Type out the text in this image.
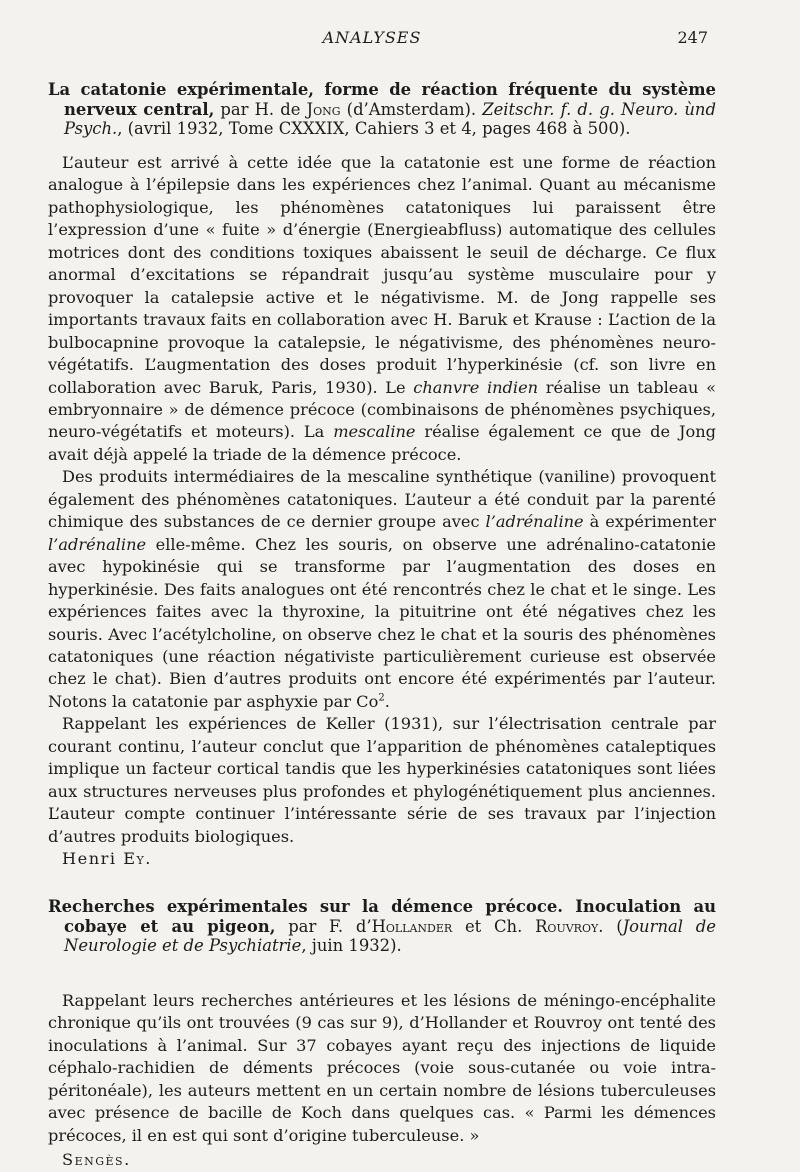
ANALYSES	247

La catatonie expérimentale, forme de réaction fréquente du système nerveux central, par H. de Jong (d’Amsterdam). Zeitschr. f. d. g. Neuro. ùnd Psych., (avril 1932, Tome CXXXIX, Cahiers 3 et 4, pages 468 à 500).

L’auteur est arrivé à cette idée que la catatonie est une forme de réaction analogue à l’épilepsie dans les expériences chez l’animal. Quant au mécanisme pathophysiologique, les phénomènes catatoniques lui paraissent être l’expression d’une « fuite » d’énergie (Energieabfluss) automatique des cellules motrices dont des conditions toxiques abaissent le seuil de décharge. Ce flux anormal d’excitations se répandrait jusqu’au système musculaire pour y provoquer la catalepsie active et le négativisme. M. de Jong rappelle ses importants travaux faits en collaboration avec H. Baruk et Krause : L’action de la bulbocapnine provoque la catalepsie, le négativisme, des phénomènes neuro-végétatifs. L’augmentation des doses produit l’hyperkinésie (cf. son livre en collaboration avec Baruk, Paris, 1930). Le chanvre indien réalise un tableau « embryonnaire » de démence précoce (combinaisons de phénomènes psychiques, neuro-végétatifs et moteurs). La mescaline réalise également ce que de Jong avait déjà appelé la triade de la démence précoce.

Des produits intermédiaires de la mescaline synthétique (vaniline) provoquent également des phénomènes catatoniques. L’auteur a été conduit par la parenté chimique des substances de ce dernier groupe avec l’adrénaline à expérimenter l’adrénaline elle-même. Chez les souris, on observe une adrénalino-catatonie avec hypokinésie qui se transforme par l’augmentation des doses en hyperkinésie. Des faits analogues ont été rencontrés chez le chat et le singe. Les expériences faites avec la thyroxine, la pituitrine ont été négatives chez les souris. Avec l’acétylcholine, on observe chez le chat et la souris des phénomènes catatoniques (une réaction négativiste particulièrement curieuse est observée chez le chat). Bien d’autres produits ont encore été expérimentés par l’auteur. Notons la catatonie par asphyxie par Co$^2$.

Rappelant les expériences de Keller (1931), sur l’électrisation centrale par courant continu, l’auteur conclut que l’apparition de phénomènes cataleptiques implique un facteur cortical tandis que les hyperkinésies catatoniques sont liées aux structures nerveuses plus profondes et phylogénétiquement plus anciennes. L’auteur compte continuer l’intéressante série de ses travaux par l’injection d’autres produits biologiques.

Henri Ey.

Recherches expérimentales sur la démence précoce. Inoculation au cobaye et au pigeon, par F. d’Hollander et Ch. Rouvroy. (Journal de Neurologie et de Psychiatrie, juin 1932).

Rappelant leurs recherches antérieures et les lésions de méningo-encéphalite chronique qu’ils ont trouvées (9 cas sur 9), d’Hollander et Rouvroy ont tenté des inoculations à l’animal. Sur 37 cobayes ayant reçu des injections de liquide céphalo-rachidien de déments précoces (voie sous-cutanée ou voie intra-péritonéale), les auteurs mettent en un certain nombre de lésions tuberculeuses avec présence de bacille de Koch dans quelques cas. « Parmi les démences précoces, il en est qui sont d’origine tuberculeuse. »

Sengès.
